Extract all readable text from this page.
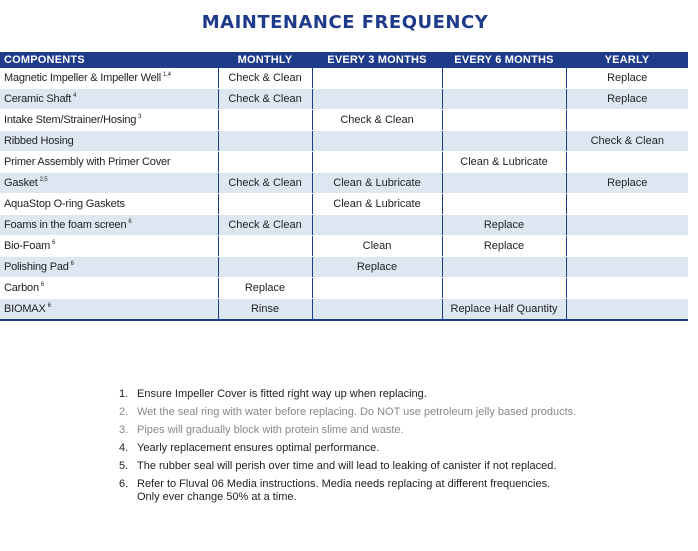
MAINTENANCE FREQUENCY
COMPONENTS	MONTHLY	EVERY 3 MONTHS	EVERY 6 MONTHS	YEARLY
Magnetic Impeller & Impeller Well $^{1,4}$	Check & Clean			Replace
Ceramic Shaft $^4$	Check & Clean			Replace
Intake Stem/Strainer/Hosing $^3$		Check & Clean		
Ribbed Hosing				Check & Clean
Primer Assembly with Primer Cover			Clean & Lubricate	
Gasket $^{2,5}$	Check & Clean	Clean & Lubricate		Replace
AquaStop O-ring Gaskets		Clean & Lubricate		
Foams in the foam screen $^6$	Check & Clean		Replace	
Bio-Foam $^6$		Clean	Replace	
Polishing Pad $^6$		Replace		
Carbon $^6$	Replace			
BIOMAX $^6$	Rinse		Replace Half Quantity	
1. Ensure Impeller Cover is fitted right way up when replacing.
2. Wet the seal ring with water before replacing. Do NOT use petroleum jelly based products.
3. Pipes will gradually block with protein slime and waste.
4. Yearly replacement ensures optimal performance.
5. The rubber seal will perish over time and will lead to leaking of canister if not replaced.
6. Refer to Fluval 06 Media instructions. Media needs replacing at different frequencies.
Only ever change 50% at a time.
